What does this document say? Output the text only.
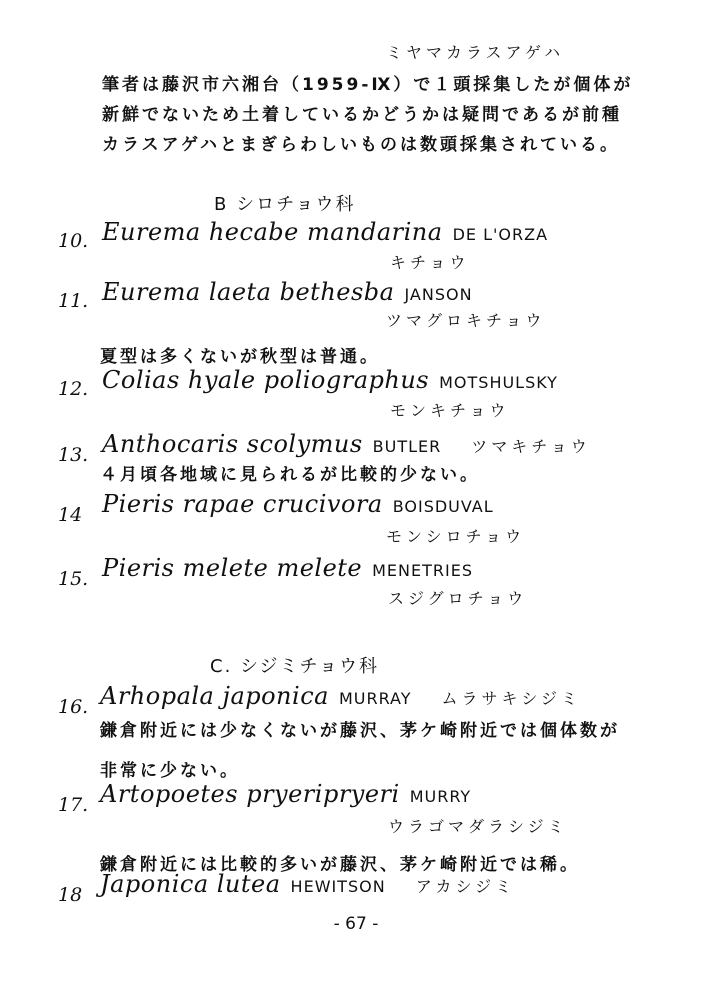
ミヤマカラスアゲハ
筆者は藤沢市六湘台（1959-Ⅸ）で１頭採集したが個体が
新鮮でないため土着しているかどうかは疑問であるが前種
カラスアゲハとまぎらわしいものは数頭採集されている。
B シロチョウ科
10. Eurema hecabe mandarina DE L'ORZA
キチョウ
11. Eurema laeta bethesba JANSON
ツマグロキチョウ
夏型は多くないが秋型は普通。
12. Colias hyale poliographus MOTSHULSKY
モンキチョウ
13. Anthocaris scolymus BUTLER ツマキチョウ
４月頃各地域に見られるが比較的少ない。
14 Pieris rapae crucivora BOISDUVAL
モンシロチョウ
15. Pieris melete melete MENETRIES
スジグロチョウ
C. シジミチョウ科
16. Arhopala japonica MURRAY ムラサキシジミ
鎌倉附近には少なくないが藤沢、茅ケ崎附近では個体数が
非常に少ない。
17. Artopoetes pryeripryeri MURRY
ウラゴマダラシジミ
鎌倉附近には比較的多いが藤沢、茅ケ崎附近では稀。
18 Japonica lutea HEWITSON アカシジミ
- 67 -
